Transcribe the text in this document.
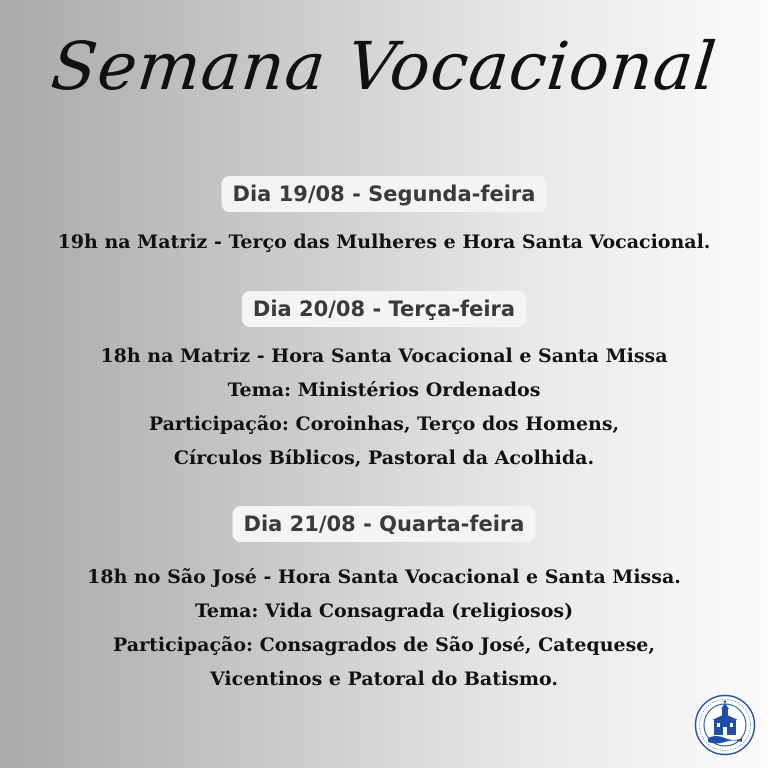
Semana Vocacional
Dia 19/08 - Segunda-feira
19h na Matriz - Terço das Mulheres e Hora Santa Vocacional.
Dia 20/08 - Terça-feira
18h na Matriz - Hora Santa Vocacional e Santa Missa
Tema: Ministérios Ordenados
Participação: Coroinhas, Terço dos Homens,
Círculos Bíblicos, Pastoral da Acolhida.
Dia 21/08 - Quarta-feira
18h no São José - Hora Santa Vocacional e Santa Missa.
Tema: Vida Consagrada (religiosos)
Participação: Consagrados de São José, Catequese,
Vicentinos e Patoral do Batismo.
